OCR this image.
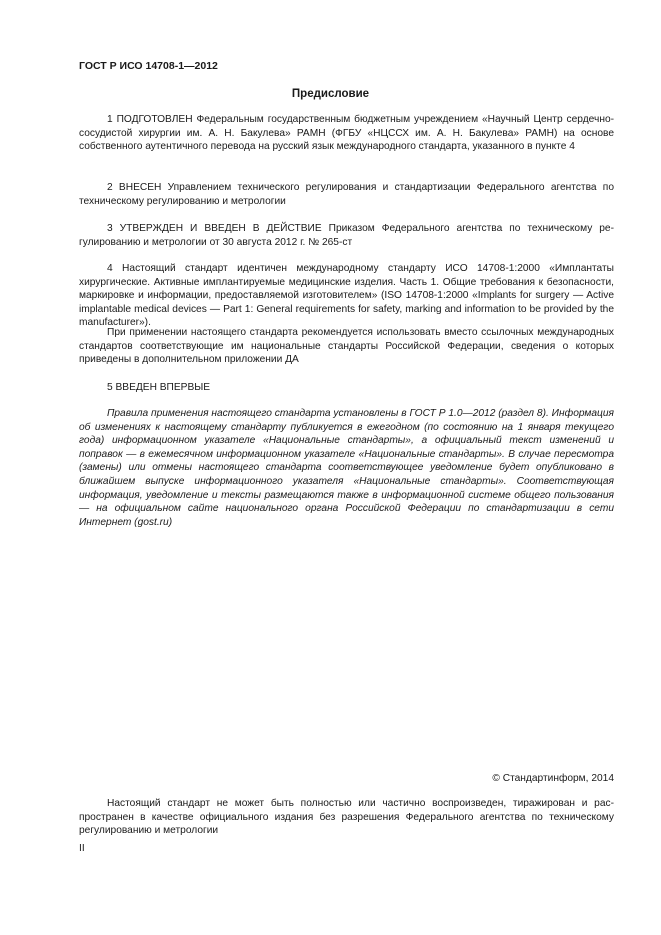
ГОСТ Р ИСО 14708-1—2012
Предисловие

1 ПОДГОТОВЛЕН Федеральным государственным бюджетным учреждением «Научный Центр сердечно-сосудистой хирургии им. А. Н. Бакулева» РАМН (ФГБУ «НЦССХ им. А. Н. Бакулева» РАМН) на основе собственного аутентичного перевода на русский язык международного стандарта, указанного в пункте 4

2 ВНЕСЕН Управлением технического регулирования и стандартизации Федерального агентства по техническому регулированию и метрологии

3 УТВЕРЖДЕН И ВВЕДЕН В ДЕЙСТВИЕ Приказом Федерального агентства по техническому регулированию и метрологии от 30 августа 2012 г. № 265-ст

4 Настоящий стандарт идентичен международному стандарту ИСО 14708-1:2000 «Имплантаты хирургические. Активные имплантируемые медицинские изделия. Часть 1. Общие требования к безопасности, маркировке и информации, предоставляемой изготовителем» (ISO 14708-1:2000 «Implants for surgery — Active implantable medical devices — Part 1: General requirements for safety, marking and information to be provided by the manufacturer»).

При применении настоящего стандарта рекомендуется использовать вместо ссылочных международных стандартов соответствующие им национальные стандарты Российской Федерации, сведения о которых приведены в дополнительном приложении ДА

5 ВВЕДЕН ВПЕРВЫЕ

Правила применения настоящего стандарта установлены в ГОСТ Р 1.0—2012 (раздел 8). Информация об изменениях к настоящему стандарту публикуется в ежегодном (по состоянию на 1 января текущего года) информационном указателе «Национальные стандарты», а официальный текст изменений и поправок — в ежемесячном информационном указателе «Национальные стандарты». В случае пересмотра (замены) или отмены настоящего стандарта соответствующее уведомление будет опубликовано в ближайшем выпуске информационного указателя «Национальные стандарты». Соответствующая информация, уведомление и тексты размещаются также в информационной системе общего пользования — на официальном сайте национального органа Российской Федерации по стандартизации в сети Интернет (gost.ru)

© Стандартинформ, 2014

Настоящий стандарт не может быть полностью или частично воспроизведен, тиражирован и распространен в качестве официального издания без разрешения Федерального агентства по техническому регулированию и метрологии

II
